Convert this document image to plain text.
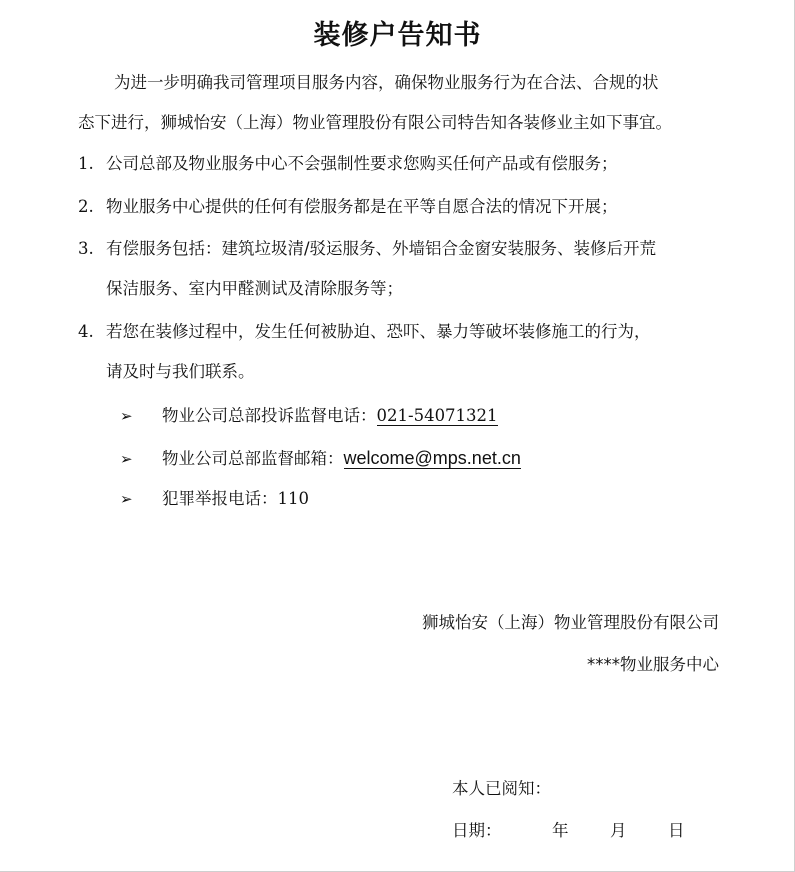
装修户告知书
为进一步明确我司管理项目服务内容，确保物业服务行为在合法、合规的状
态下进行，狮城怡安（上海）物业管理股份有限公司特告知各装修业主如下事宜。
1. 公司总部及物业服务中心不会强制性要求您购买任何产品或有偿服务；
2. 物业服务中心提供的任何有偿服务都是在平等自愿合法的情况下开展；
3. 有偿服务包括：建筑垃圾清/驳运服务、外墙铝合金窗安装服务、装修后开荒
保洁服务、室内甲醛测试及清除服务等；
4. 若您在装修过程中，发生任何被胁迫、恐吓、暴力等破坏装修施工的行为，
请及时与我们联系。
➢ 物业公司总部投诉监督电话：021-54071321
➢ 物业公司总部监督邮箱：welcome@mps.net.cn
➢ 犯罪举报电话：110
狮城怡安（上海）物业管理股份有限公司
****物业服务中心
本人已阅知：
日期：	年	月	日
